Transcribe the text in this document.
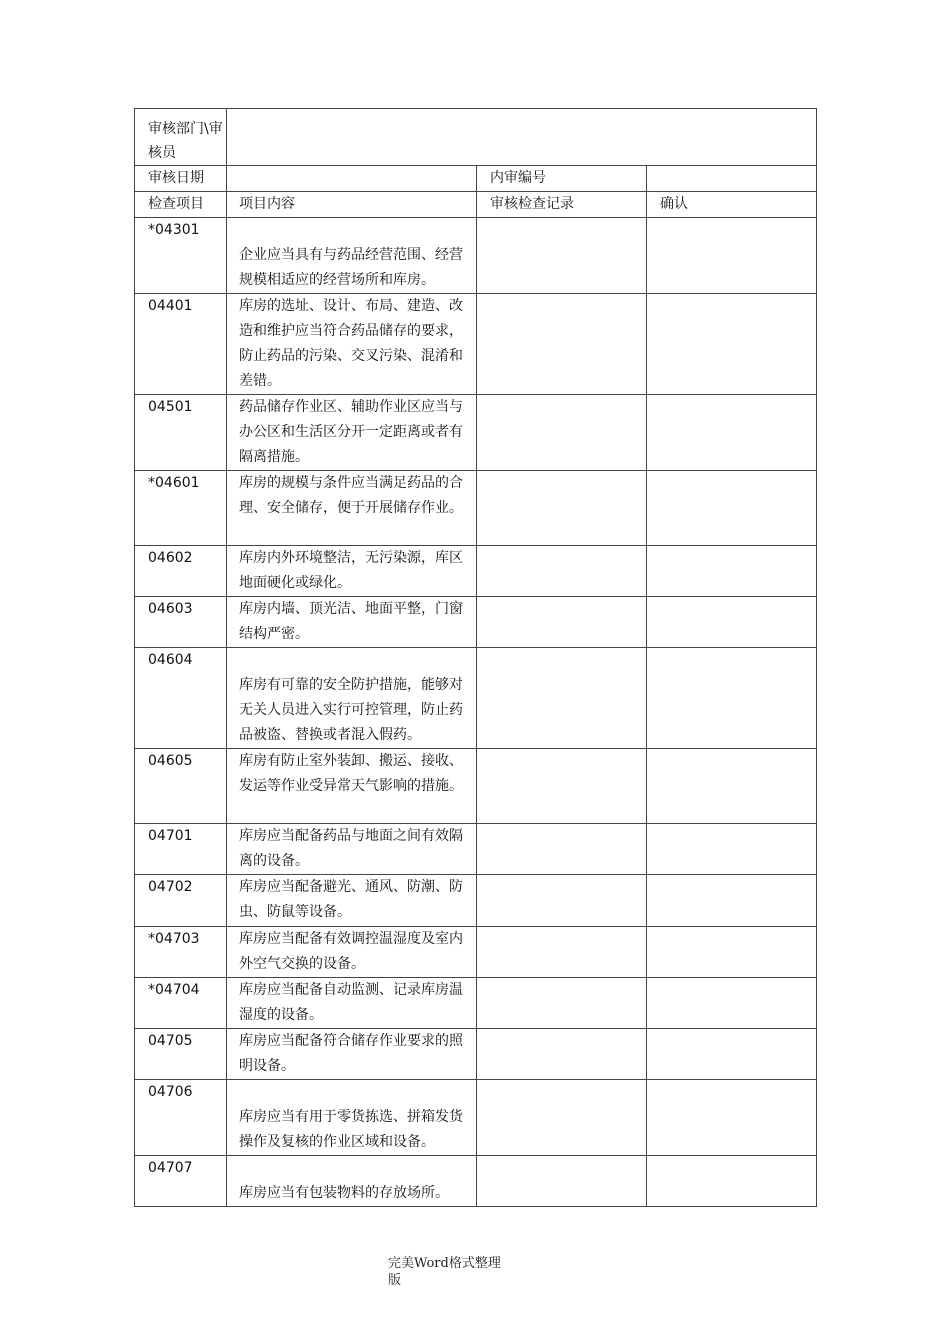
审核部门\审核员			
审核日期		内审编号	
检查项目	项目内容	审核检查记录	确认
*04301	企业应当具有与药品经营范围、经营规模相适应的经营场所和库房。		
04401	库房的选址、设计、布局、建造、改造和维护应当符合药品储存的要求，防止药品的污染、交叉污染、混淆和差错。		
04501	药品储存作业区、辅助作业区应当与办公区和生活区分开一定距离或者有隔离措施。		
*04601	库房的规模与条件应当满足药品的合理、安全储存，便于开展储存作业。		
04602	库房内外环境整洁，无污染源，库区地面硬化或绿化。		
04603	库房内墙、顶光洁、地面平整，门窗结构严密。		
04604	库房有可靠的安全防护措施，能够对无关人员进入实行可控管理，防止药品被盗、替换或者混入假药。		
04605	库房有防止室外装卸、搬运、接收、发运等作业受异常天气影响的措施。		
04701	库房应当配备药品与地面之间有效隔离的设备。		
04702	库房应当配备避光、通风、防潮、防虫、防鼠等设备。		
*04703	库房应当配备有效调控温湿度及室内外空气交换的设备。		
*04704	库房应当配备自动监测、记录库房温湿度的设备。		
04705	库房应当配备符合储存作业要求的照明设备。		
04706	库房应当有用于零货拣选、拼箱发货操作及复核的作业区域和设备。		
04707	库房应当有包装物料的存放场所。		
完美Word格式整理
版
